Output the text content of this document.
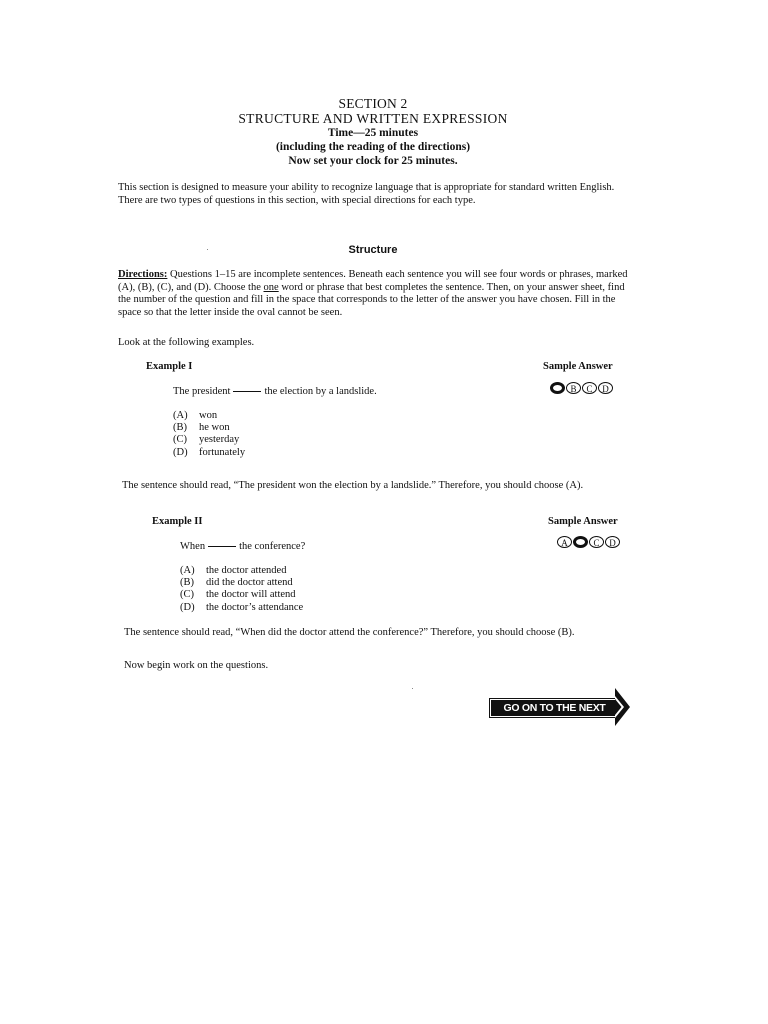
SECTION 2
STRUCTURE AND WRITTEN EXPRESSION
Time—25 minutes
(including the reading of the directions)
Now set your clock for 25 minutes.
This section is designed to measure your ability to recognize language that is appropriate for standard written English. There are two types of questions in this section, with special directions for each type.
Structure
Directions: Questions 1–15 are incomplete sentences. Beneath each sentence you will see four words or phrases, marked (A), (B), (C), and (D). Choose the one word or phrase that best completes the sentence. Then, on your answer sheet, find the number of the question and fill in the space that corresponds to the letter of the answer you have chosen. Fill in the space so that the letter inside the oval cannot be seen.
Look at the following examples.
Example I	Sample Answer
The president	the election by a landslide.	B	C	D
(A) won
(B) he won
(C) yesterday
(D) fortunately
The sentence should read, “The president won the election by a landslide.” Therefore, you should choose (A).
Example II	Sample Answer
When	the conference?	A	C	D
(A) the doctor attended
(B) did the doctor attend
(C) the doctor will attend
(D) the doctor’s attendance
The sentence should read, “When did the doctor attend the conference?” Therefore, you should choose (B).
Now begin work on the questions.
GO ON TO THE NEXT PAGE
